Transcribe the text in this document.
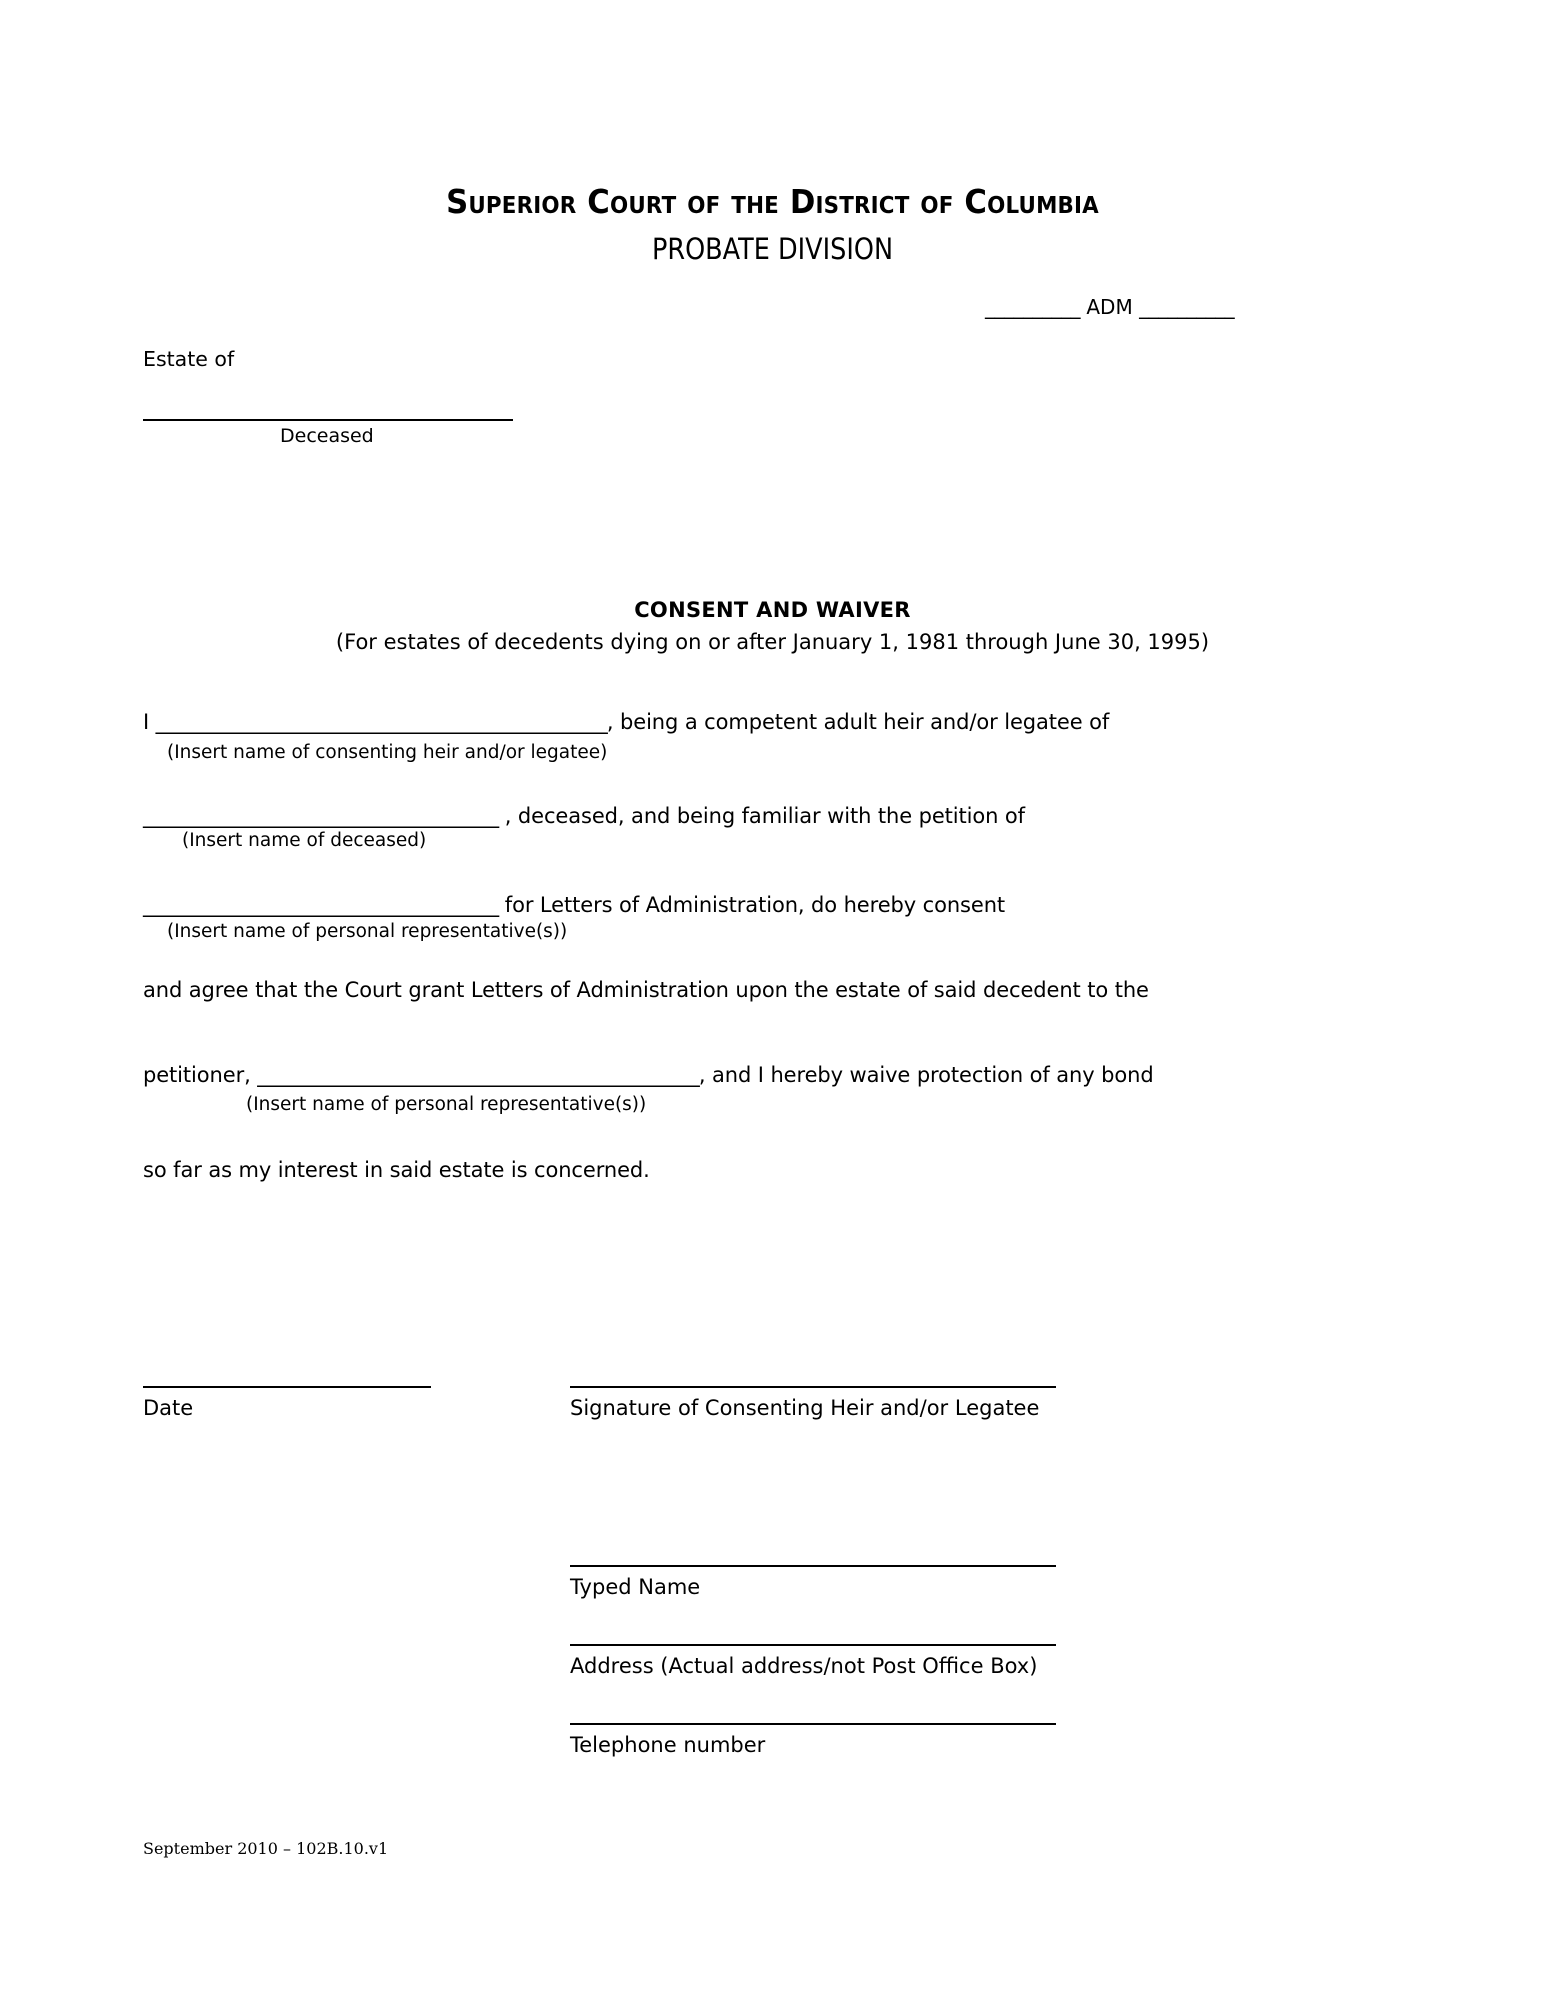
Superior Court of the District of Columbia
PROBATE DIVISION
__________ ADM __________
Estate of
Deceased
CONSENT AND WAIVER
(For estates of decedents dying on or after January 1, 1981 through June 30, 1995)
I _______________________________________________, being a competent adult heir and/or legatee of
(Insert name of consenting heir and/or legatee)
_____________________________________ , deceased, and being familiar with the petition of
(Insert name of deceased)
_____________________________________ for Letters of Administration, do hereby consent
(Insert name of personal representative(s))
and agree that the Court grant Letters of Administration upon the estate of said decedent to the
petitioner, ______________________________________________, and I hereby waive protection of any bond
(Insert name of personal representative(s))
so far as my interest in said estate is concerned.
Date	Signature of Consenting Heir and/or Legatee
Typed Name
Address (Actual address/not Post Office Box)
Telephone number
September 2010 – 102B.10.v1
